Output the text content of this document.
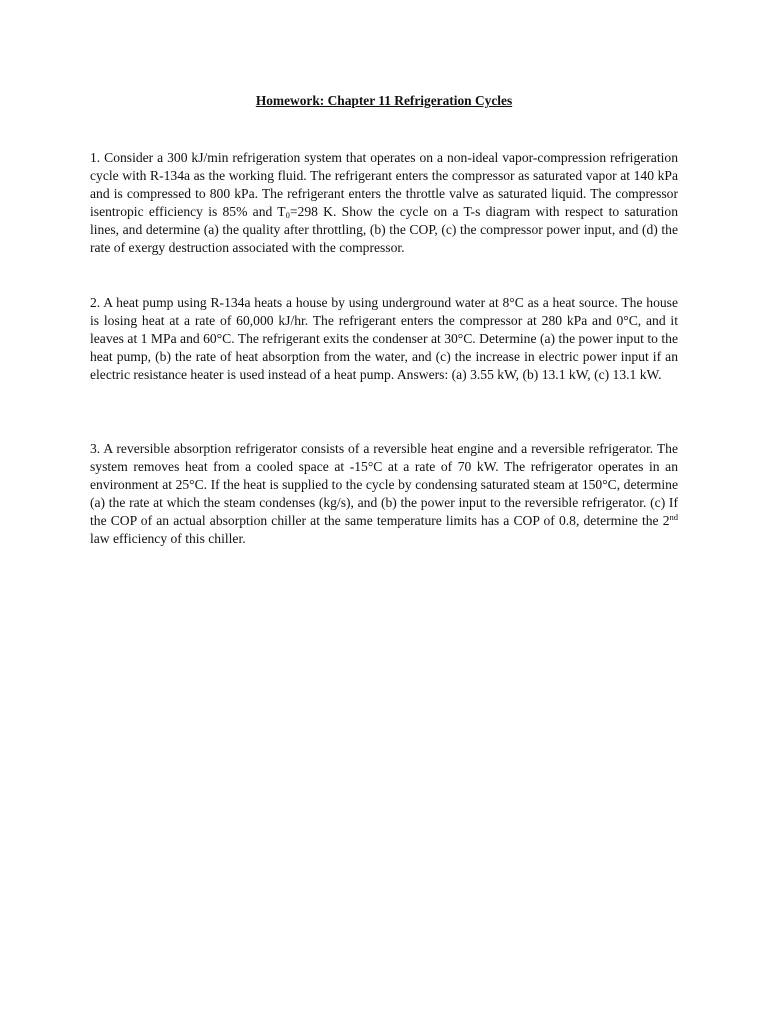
Homework: Chapter 11 Refrigeration Cycles

1. Consider a 300 kJ/min refrigeration system that operates on a non-ideal vapor-compression refrigeration cycle with R-134a as the working fluid. The refrigerant enters the compressor as saturated vapor at 140 kPa and is compressed to 800 kPa. The refrigerant enters the throttle valve as saturated liquid. The compressor isentropic efficiency is 85% and $T_0=298$ K. Show the cycle on a T-s diagram with respect to saturation lines, and determine (a) the quality after throttling, (b) the COP, (c) the compressor power input, and (d) the rate of exergy destruction associated with the compressor.

2. A heat pump using R-134a heats a house by using underground water at 8°C as a heat source. The house is losing heat at a rate of 60,000 kJ/hr. The refrigerant enters the compressor at 280 kPa and 0°C, and it leaves at 1 MPa and 60°C. The refrigerant exits the condenser at 30°C. Determine (a) the power input to the heat pump, (b) the rate of heat absorption from the water, and (c) the increase in electric power input if an electric resistance heater is used instead of a heat pump. Answers: (a) 3.55 kW, (b) 13.1 kW, (c) 13.1 kW.

3. A reversible absorption refrigerator consists of a reversible heat engine and a reversible refrigerator. The system removes heat from a cooled space at -15°C at a rate of 70 kW. The refrigerator operates in an environment at 25°C. If the heat is supplied to the cycle by condensing saturated steam at 150°C, determine (a) the rate at which the steam condenses (kg/s), and (b) the power input to the reversible refrigerator. (c) If the COP of an actual absorption chiller at the same temperature limits has a COP of 0.8, determine the 2nd law efficiency of this chiller.
